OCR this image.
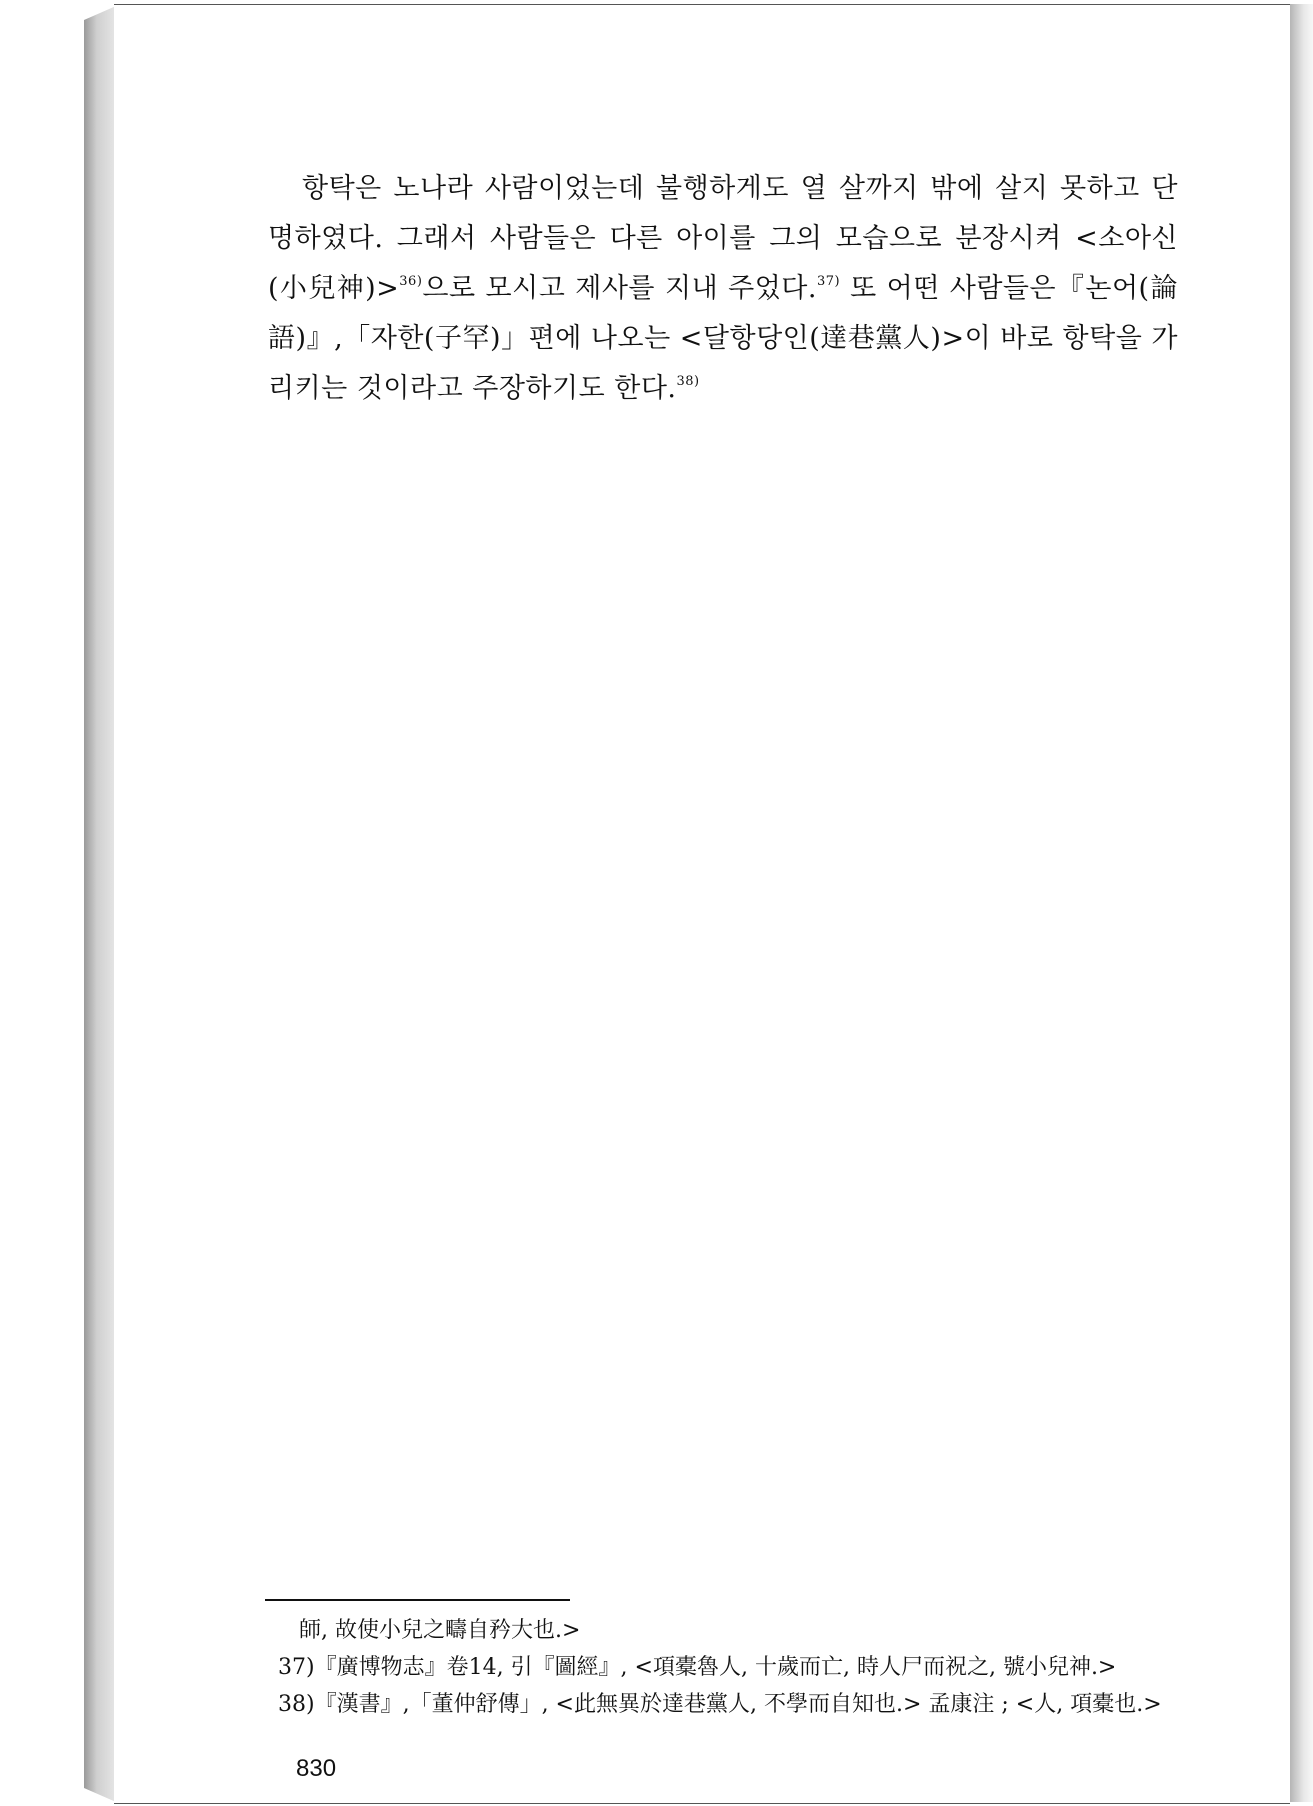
항탁은 노나라 사람이었는데 불행하게도 열 살까지 밖에 살지 못하고 단명하였다. 그래서 사람들은 다른 아이를 그의 모습으로 분장시켜 <소아신(小兒神)>$^{36)}$으로 모시고 제사를 지내 주었다.$^{37)}$ 또 어떤 사람들은『논어(論語)』,「자한(子罕)」편에 나오는 <달항당인(達巷黨人)>이 바로 항탁을 가리키는 것이라고 주장하기도 한다.$^{38)}$

師, 故使小兒之疇自矜大也.>
37)『廣博物志』卷14, 引『圖經』, <項橐魯人, 十歲而亡, 時人尸而祝之, 號小兒神.>
38)『漢書』,「董仲舒傳」, <此無異於達巷黨人, 不學而自知也.> 孟康注 ; <人, 項橐也.>
830
